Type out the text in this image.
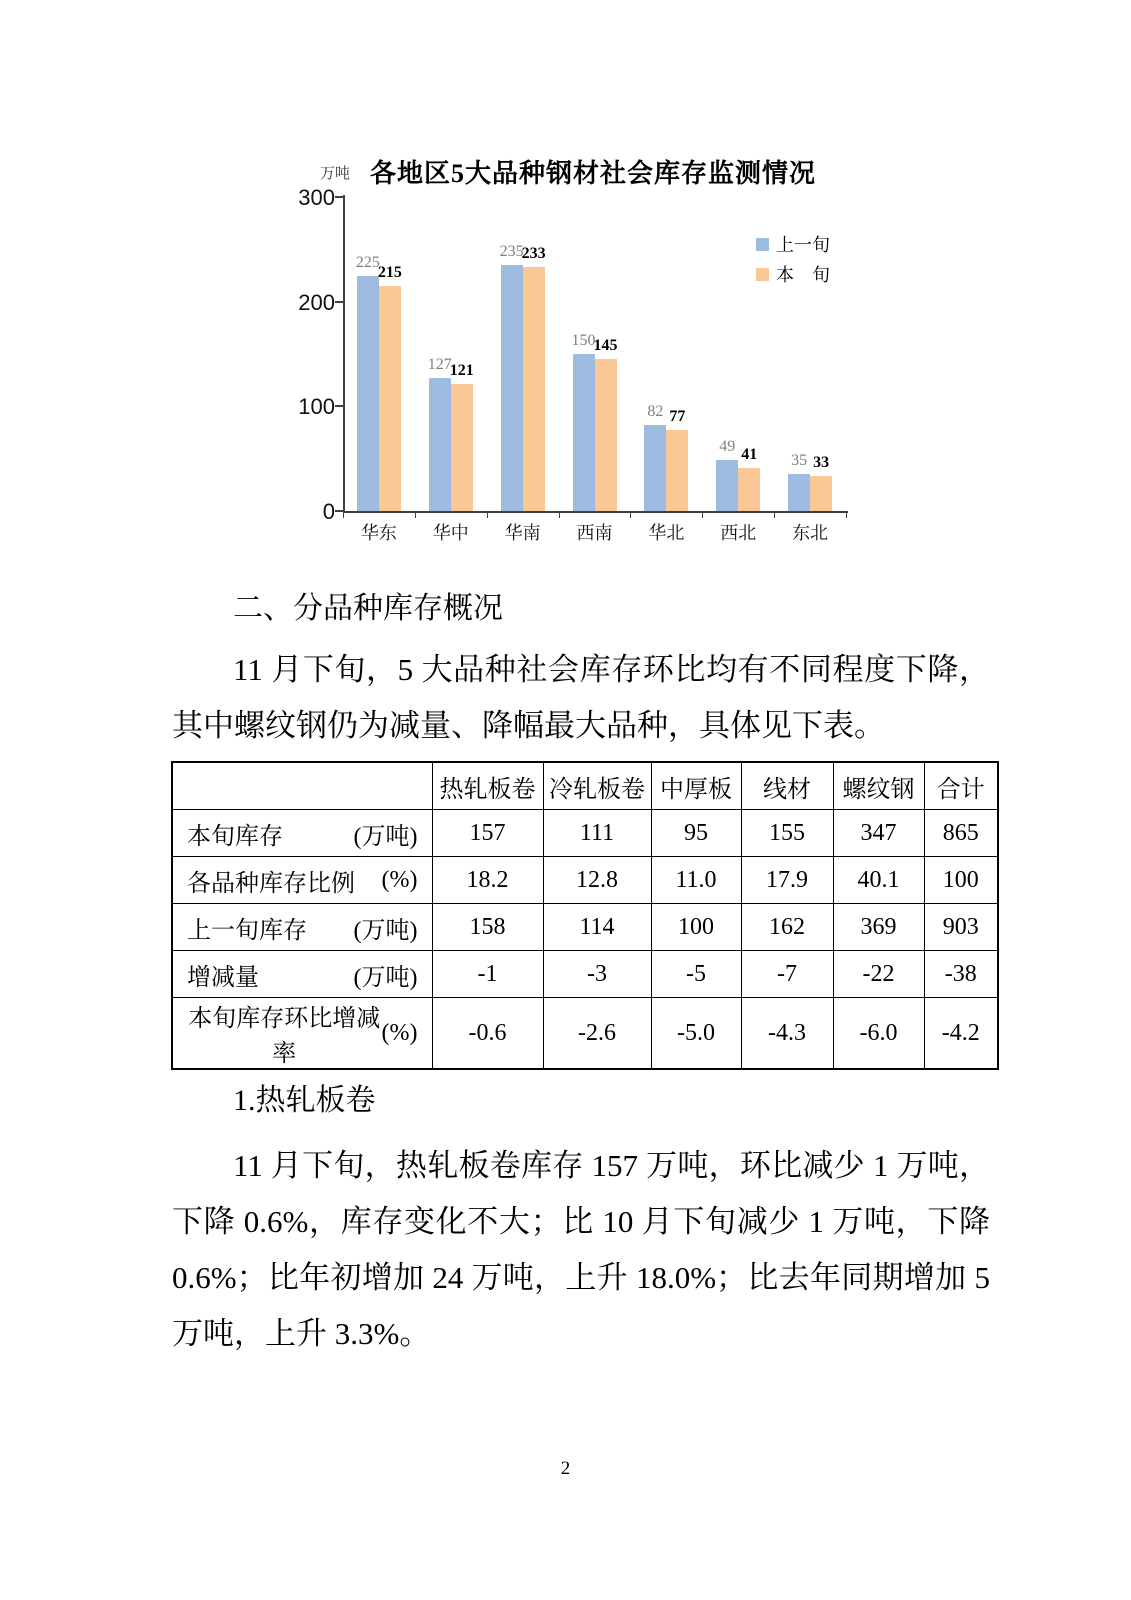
各地区5大品种钢材社会库存监测情况
万吨
300
200
100
0
225
215
华东
127
121
华中
235
233
华南
150
145
西南
82 77
华北
49 41
西北
35 33
东北
上一旬
本　旬
二、分品种库存概况
11 月下旬，5 大品种社会库存环比均有不同程度下降，
其中螺纹钢仍为减量、降幅最大品种，具体见下表。
	热轧板卷	冷轧板卷	中厚板	线材	螺纹钢	合计

本旬库存 (万吨)	157	111	95	155	347	865

各品种库存比例 (%)	18.2	12.8	11.0	17.9	40.1	100

上一旬库存 (万吨)	158	114	100	162	369	903

增减量 (万吨)	-1	-3	-5	-7	-22	-38

本旬库存环比增减率
(%)	-0.6	-2.6	-5.0	-4.3	-6.0	-4.2
1.热轧板卷
11 月下旬，热轧板卷库存 157 万吨，环比减少 1 万吨，
下降 0.6%，库存变化不大；比 10 月下旬减少 1 万吨，下降
0.6%；比年初增加 24 万吨，上升 18.0%；比去年同期增加 5
万吨，上升 3.3%。
2
